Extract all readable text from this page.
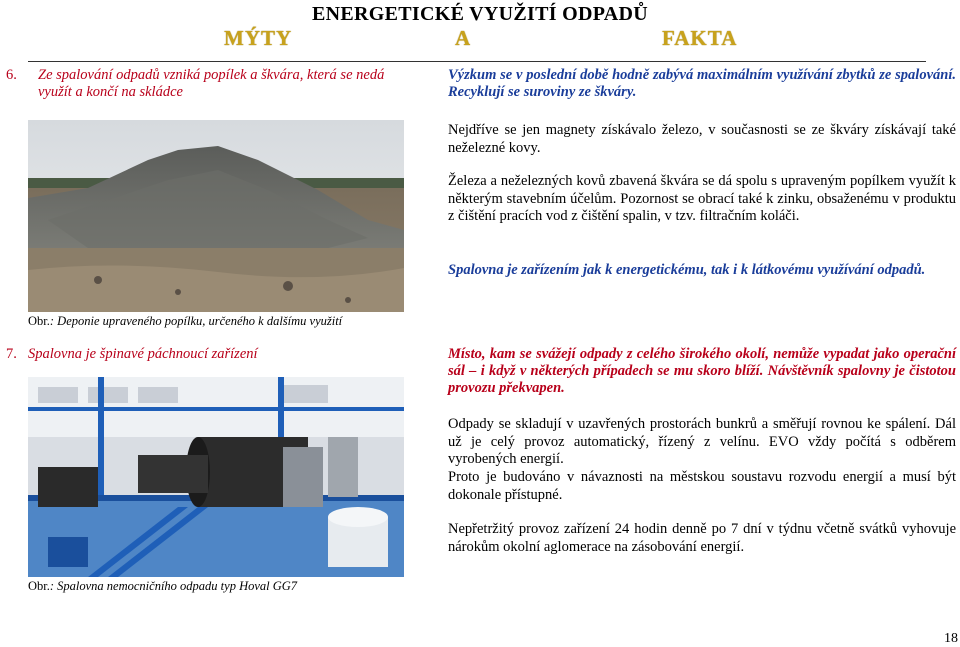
ENERGETICKÉ VYUŽITÍ ODPADŮ
MÝTY	A	FAKTA
6.	Ze spalování odpadů vzniká popílek a škvára, která se nedá využít a končí na skládce
Výzkum se v poslední době hodně zabývá maximálním využívání zbytků ze spalování. Recyklují se suroviny ze škváry.
Nejdříve se jen magnety získávalo železo, v současnosti se ze škváry získávají také neželezné kovy.
Železa a neželezných kovů zbavená škvára se dá spolu s upraveným popílkem využít k některým stavebním účelům. Pozornost se obrací také k zinku, obsaženému v produktu z čištění pracích vod z čištění spalin, v tzv. filtračním koláči.
Spalovna je zařízením jak k energetickému, tak i k látkovému využívání odpadů.
Obr.: Deponie upraveného popílku, určeného k dalšímu využití
7. Spalovna je špinavé páchnoucí zařízení	Místo, kam se svážejí odpady z celého širokého okolí, nemůže vypadat jako operační sál – i když v některých případech se mu skoro blíží. Návštěvník spalovny je čistotou provozu překvapen.
Odpady se skladují v uzavřených prostorách bunkrů a směřují rovnou ke spálení. Dál už je celý provoz automatický, řízený z velínu. EVO vždy počítá s odběrem vyrobených energií.
Proto je budováno v návaznosti na městskou soustavu rozvodu energií a musí být dokonale přístupné.
Nepřetržitý provoz zařízení 24 hodin denně po 7 dní v týdnu včetně svátků vyhovuje nárokům okolní aglomerace na zásobování energií.
Obr.: Spalovna nemocničního odpadu typ Hoval GG7
18
